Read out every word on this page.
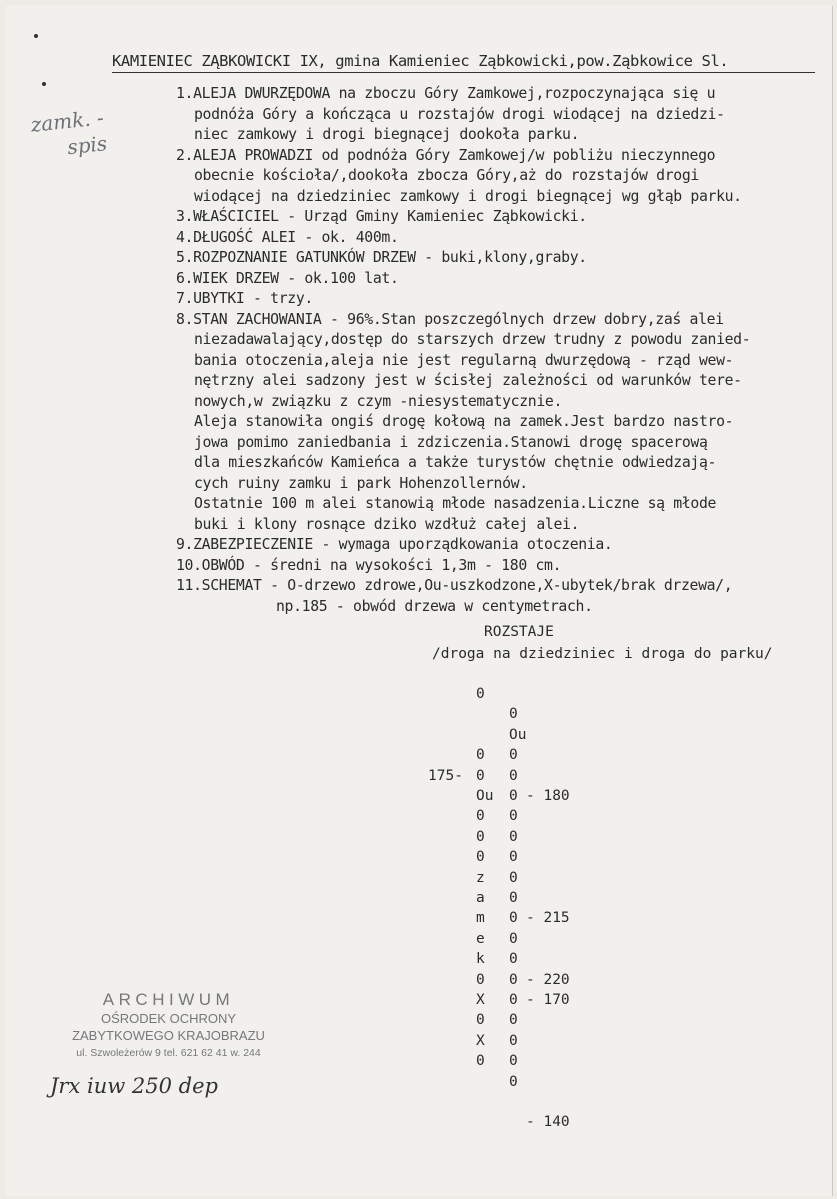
KAMIENIEC ZĄBKOWICKI IX, gmina Kamieniec Ząbkowicki,pow.Ząbkowice Sl.
zamk. -
spis
1.ALEJA DWURZĘDOWA na zboczu Góry Zamkowej,rozpoczynająca się u
podnóża Góry a kończąca u rozstajów drogi wiodącej na dziedzi-
niec zamkowy i drogi biegnącej dookoła parku.
2.ALEJA PROWADZI od podnóża Góry Zamkowej/w pobliżu nieczynnego
obecnie kościoła/,dookoła zbocza Góry,aż do rozstajów drogi
wiodącej na dziedziniec zamkowy i drogi biegnącej wg głąb parku.
3.WŁAŚCICIEL - Urząd Gminy Kamieniec Ząbkowicki.
4.DŁUGOŚĆ ALEI - ok. 400m.
5.ROZPOZNANIE GATUNKÓW DRZEW - buki,klony,graby.
6.WIEK DRZEW - ok.100 lat.
7.UBYTKI - trzy.
8.STAN ZACHOWANIA - 96%.Stan poszczególnych drzew dobry,zaś alei
niezadawalający,dostęp do starszych drzew trudny z powodu zanied-
bania otoczenia,aleja nie jest regularną dwurzędową - rząd wew-
nętrzny alei sadzony jest w ścisłej zależności od warunków tere-
nowych,w związku z czym -niesystematycznie.
Aleja stanowiła ongiś drogę kołową na zamek.Jest bardzo nastro-
jowa pomimo zaniedbania i zdziczenia.Stanowi drogę spacerową
dla mieszkańców Kamieńca a także turystów chętnie odwiedzają-
cych ruiny zamku i park Hohenzollernów.
Ostatnie 100 m alei stanowią młode nasadzenia.Liczne są młode
buki i klony rosnące dziko wzdłuż całej alei.
9.ZABEZPIECZENIE - wymaga uporządkowania otoczenia.
10.OBWÓD - średni na wysokości 1,3m - 180 cm.
11.SCHEMAT - O-drzewo zdrowe,Ou-uszkodzone,X-ubytek/brak drzewa/,
np.185 - obwód drzewa w centymetrach.
ROZSTAJE
/droga na dziedziniec i droga do parku/
0
0
0
Ou
0
0
0
z
a
m
e
k
0
X
0
X
0
0
Ou
0
0
0
0
0
0
0
0
0
0
0
0
0
0
0
0
0
175-
- 180
- 215
- 220
- 170
- 140
ARCHIWUM
OŚRODEK OCHRONY
ZABYTKOWEGO KRAJOBRAZU
ul. Szwoleżerów 9 tel. 621 62 41 w. 244
Jrx iuw 250 dep
